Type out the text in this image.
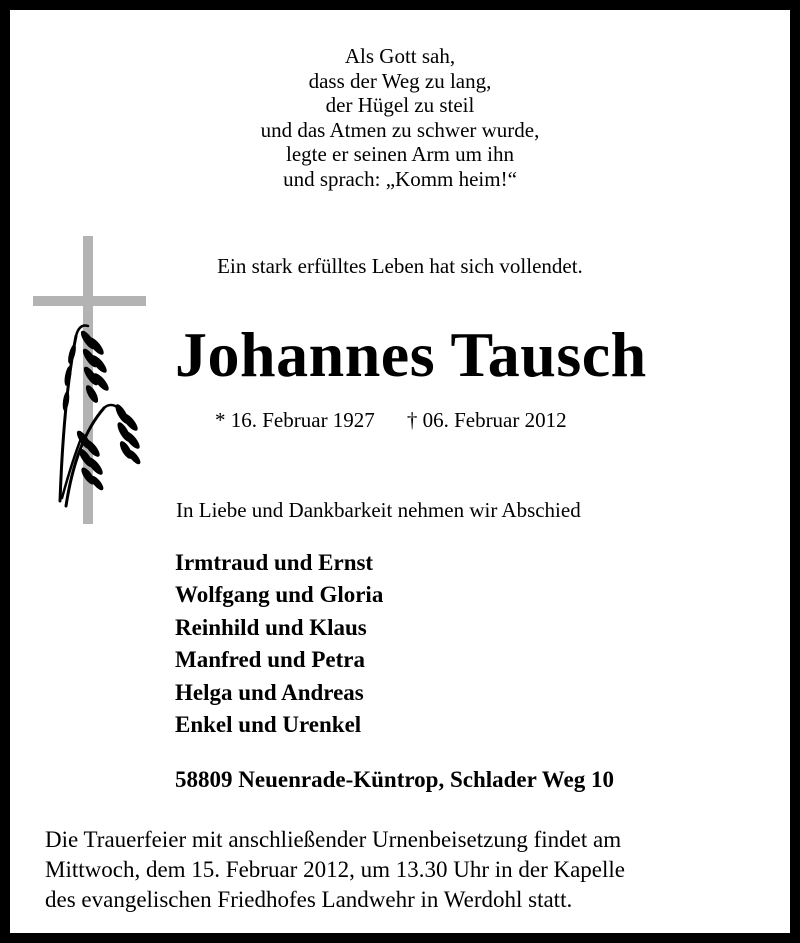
Als Gott sah,
dass der Weg zu lang,
der Hügel zu steil
und das Atmen zu schwer wurde,
legte er seinen Arm um ihn
und sprach: „Komm heim!“
Ein stark erfülltes Leben hat sich vollendet.
Johannes Tausch
* 16. Februar 1927 † 06. Februar 2012
In Liebe und Dankbarkeit nehmen wir Abschied
Irmtraud und Ernst
Wolfgang und Gloria
Reinhild und Klaus
Manfred und Petra
Helga und Andreas
Enkel und Urenkel
58809 Neuenrade-Küntrop, Schlader Weg 10
Die Trauerfeier mit anschließender Urnenbeisetzung findet am
Mittwoch, dem 15. Februar 2012, um 13.30 Uhr in der Kapelle
des evangelischen Friedhofes Landwehr in Werdohl statt.
